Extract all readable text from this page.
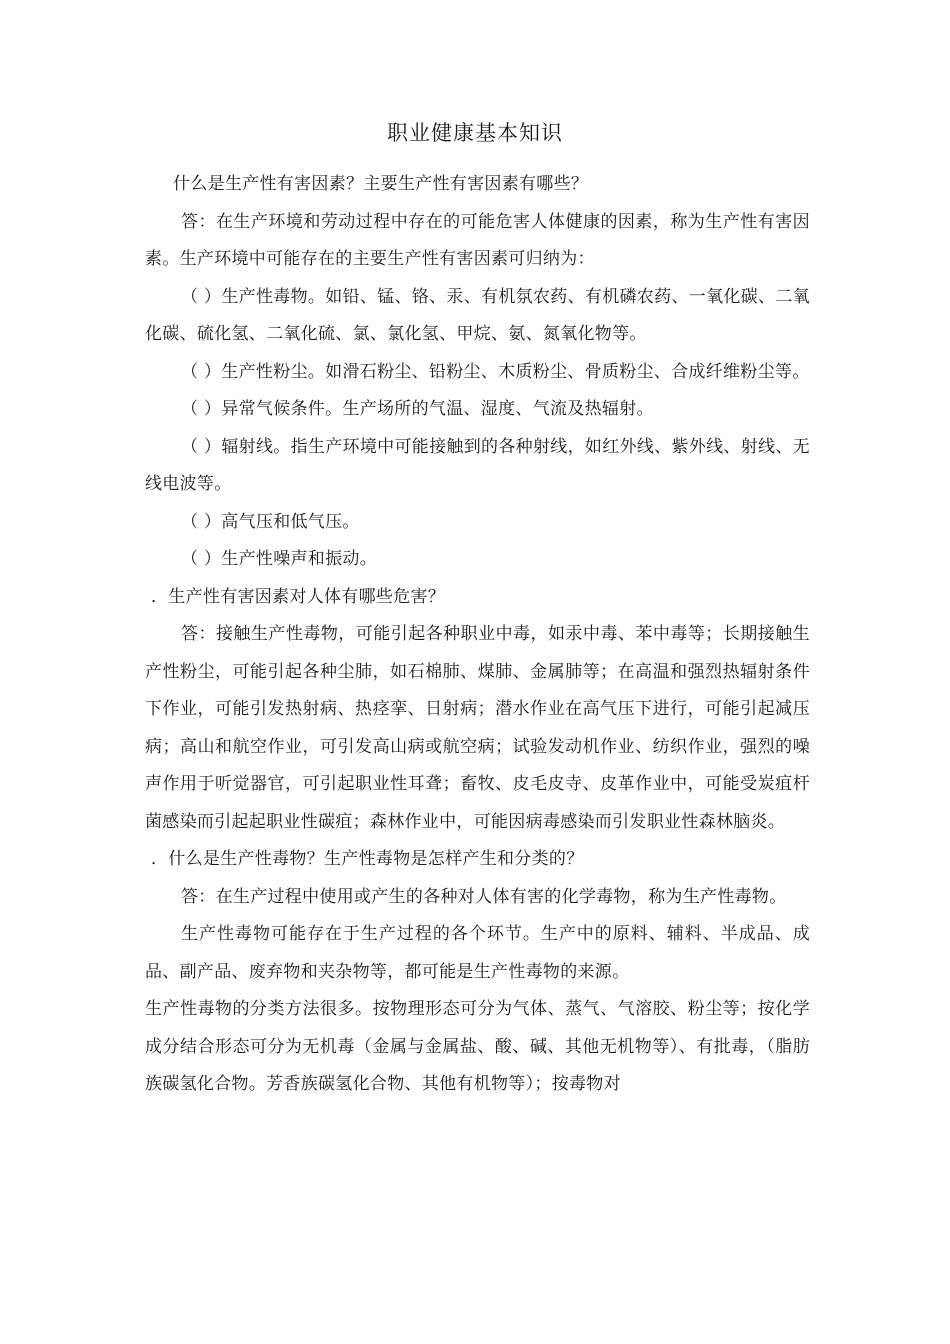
职业健康基本知识

什么是生产性有害因素？主要生产性有害因素有哪些？

答：在生产环境和劳动过程中存在的可能危害人体健康的因素，称为生产性有害因素。生产环境中可能存在的主要生产性有害因素可归纳为：

（ ）生产性毒物。如铅、锰、铬、汞、有机氛农药、有机磷农药、一氧化碳、二氧化碳、硫化氢、二氧化硫、氯、氯化氢、甲烷、氨、氮氧化物等。

（ ）生产性粉尘。如滑石粉尘、铅粉尘、木质粉尘、骨质粉尘、合成纤维粉尘等。

（ ）异常气候条件。生产场所的气温、湿度、气流及热辐射。

（ ）辐射线。指生产环境中可能接触到的各种射线，如红外线、紫外线、射线、无线电波等。

（ ）高气压和低气压。

（ ）生产性噪声和振动。

．生产性有害因素对人体有哪些危害？

答：接触生产性毒物，可能引起各种职业中毒，如汞中毒、苯中毒等；长期接触生产性粉尘，可能引起各种尘肺，如石棉肺、煤肺、金属肺等；在高温和强烈热辐射条件下作业，可能引发热射病、热痉挛、日射病；潜水作业在高气压下进行，可能引起减压病；高山和航空作业，可引发高山病或航空病；试验发动机作业、纺织作业，强烈的噪声作用于听觉器官，可引起职业性耳聋；畜牧、皮毛皮寺、皮革作业中，可能受炭疽杆菌感染而引起起职业性碳疽；森林作业中，可能因病毒感染而引发职业性森林脑炎。

．什么是生产性毒物？生产性毒物是怎样产生和分类的？

答：在生产过程中使用或产生的各种对人体有害的化学毒物，称为生产性毒物。

生产性毒物可能存在于生产过程的各个环节。生产中的原料、辅料、半成品、成品、副产品、废弃物和夹杂物等，都可能是生产性毒物的来源。

生产性毒物的分类方法很多。按物理形态可分为气体、蒸气、气溶胶、粉尘等；按化学成分结合形态可分为无机毒（金属与金属盐、酸、碱、其他无机物等）、有批毒，（脂肪族碳氢化合物。芳香族碳氢化合物、其他有机物等）；按毒物对
